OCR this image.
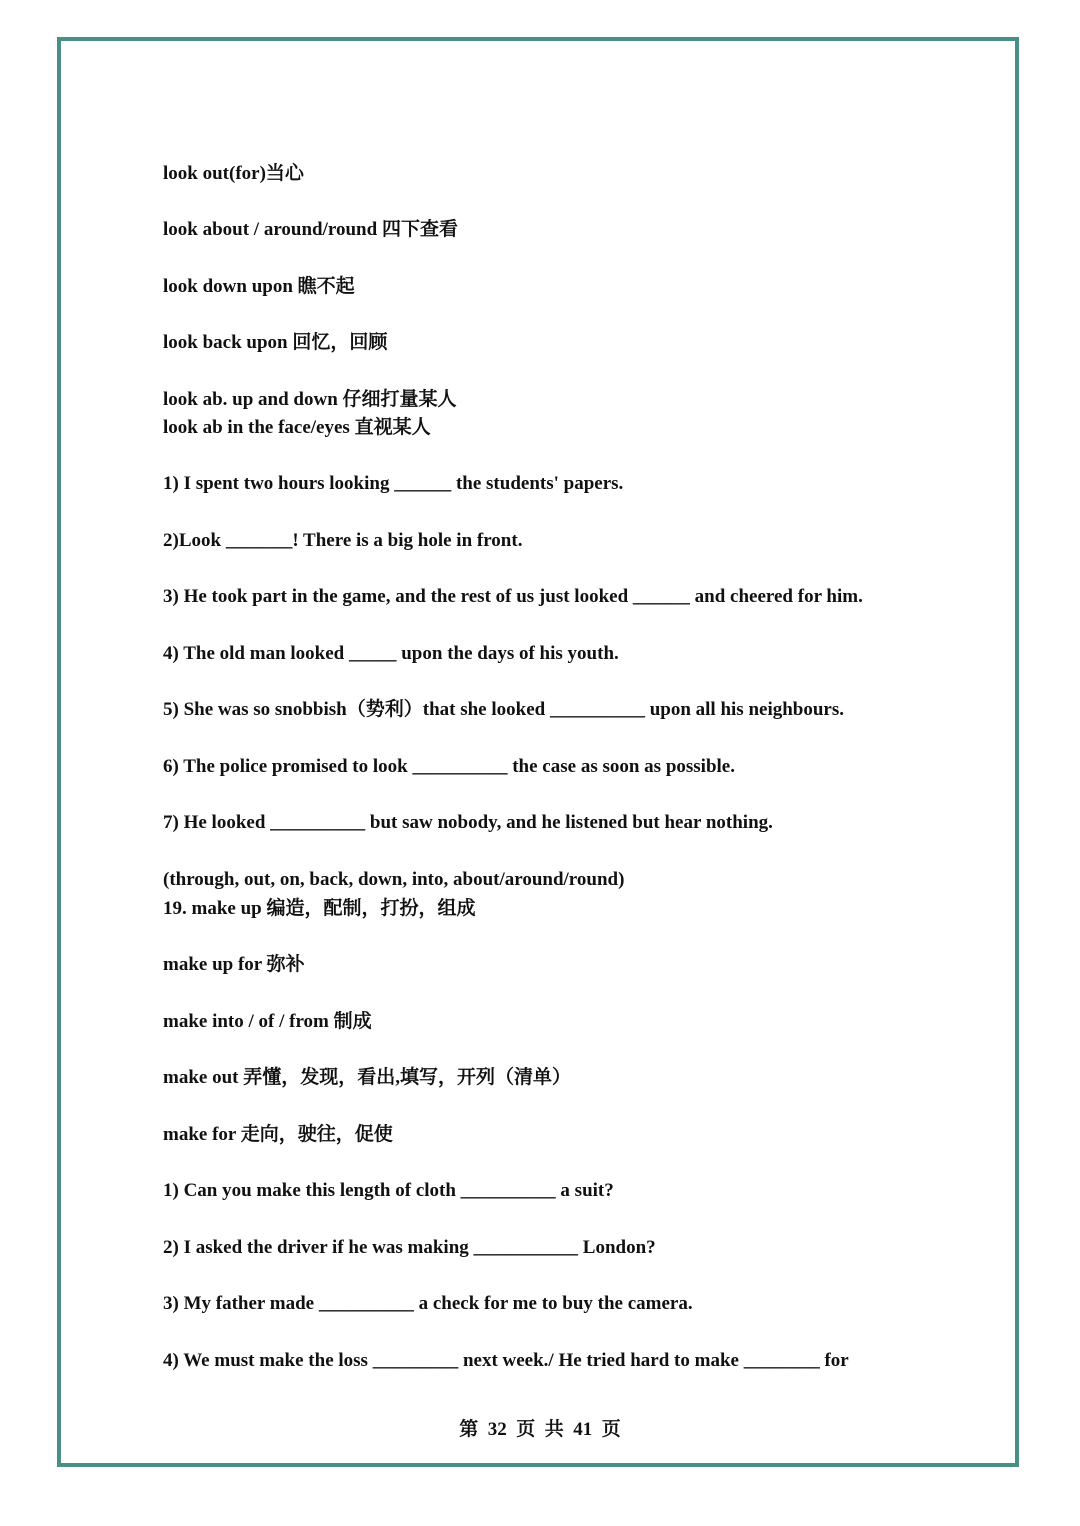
look out(for)当心
look about / around/round 四下查看
look down upon 瞧不起
look back upon 回忆，回顾
look ab. up and down 仔细打量某人
look ab in the face/eyes 直视某人
1) I spent two hours looking ______ the students' papers.
2)Look _______! There is a big hole in front.
3) He took part in the game, and the rest of us just looked ______ and cheered for him.
4) The old man looked _____ upon the days of his youth.
5) She was so snobbish（势利）that she looked __________ upon all his neighbours.
6) The police promised to look __________ the case as soon as possible.
7) He looked __________ but saw nobody, and he listened but hear nothing.
(through, out, on, back, down, into, about/around/round)
19. make up 编造，配制，打扮，组成
make up for 弥补
make into / of / from 制成
make out 弄懂，发现，看出,填写，开列（清单）
make for 走向，驶往，促使
1) Can you make this length of cloth __________ a suit?
2) I asked the driver if he was making ___________ London?
3) My father made __________ a check for me to buy the camera.
4) We must make the loss _________ next week./ He tried hard to make ________ for
第  32  页  共  41  页
